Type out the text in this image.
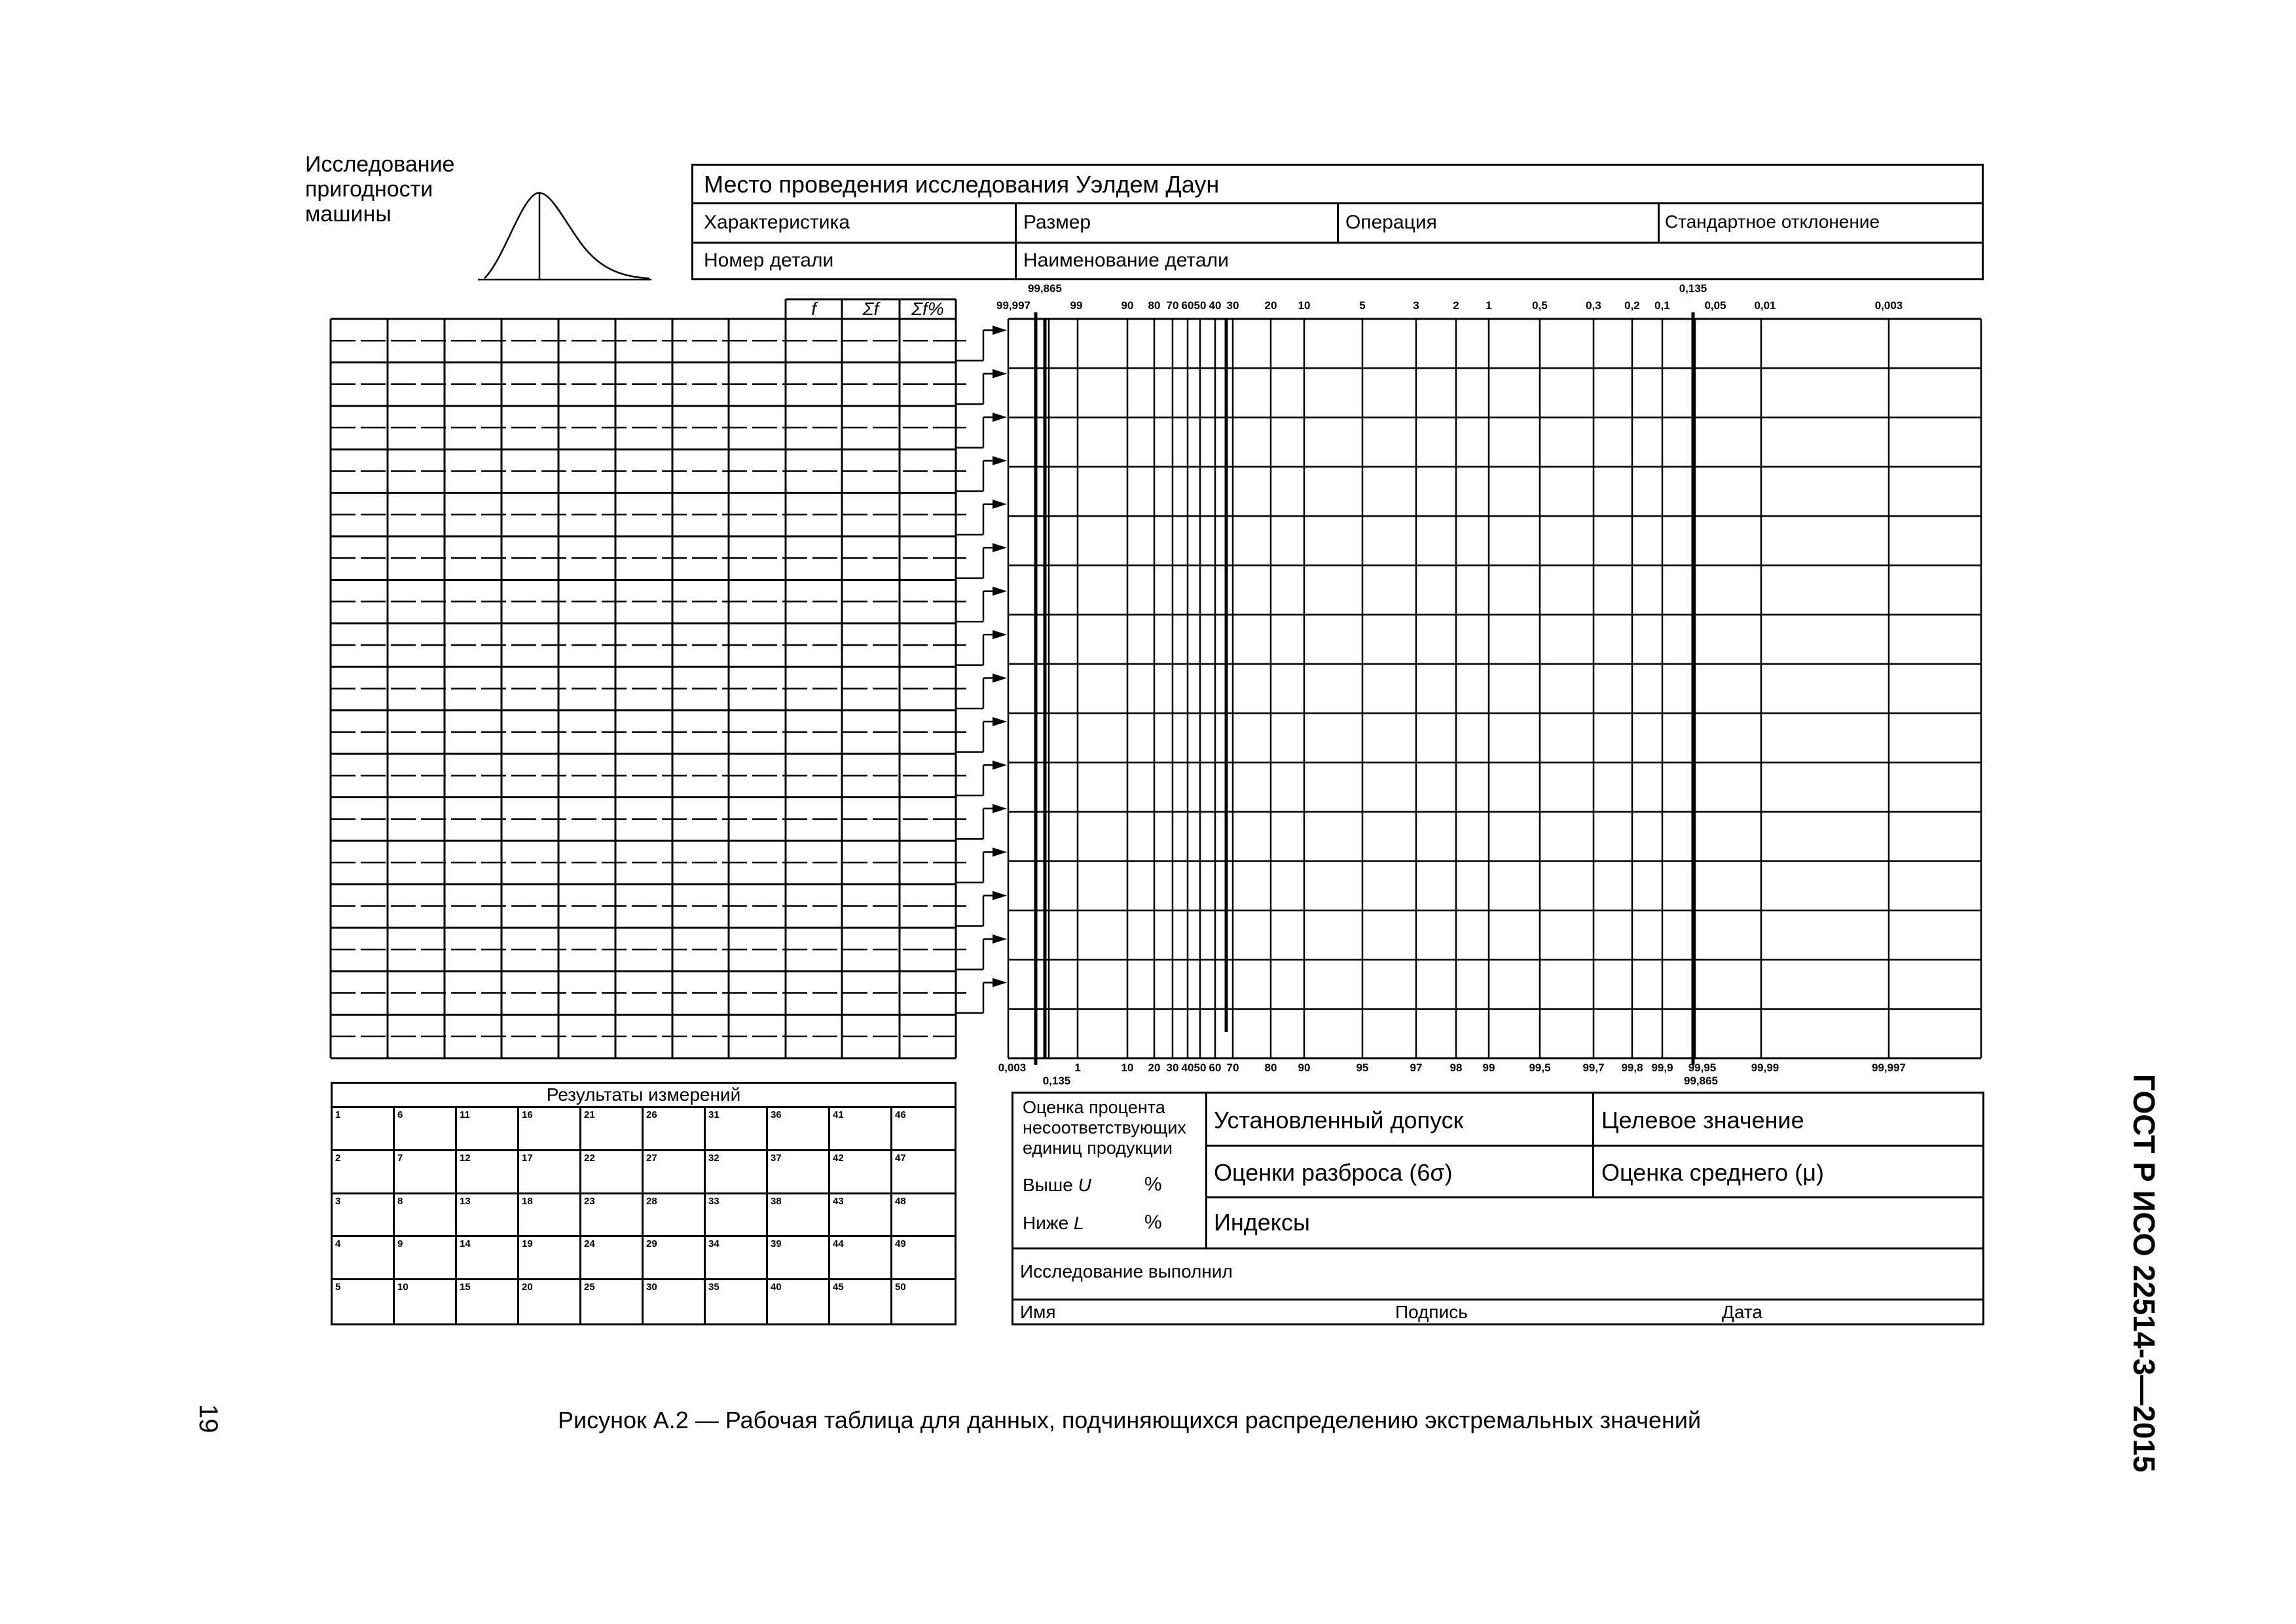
Исследование
пригодности
машины
Место проведения исследования Уэлдем Даун
Характеристика	Размер	Операция	Стандартное отклонение
Номер детали	Наименование детали
99,997	99	90 80 70 60 50 40 30 20 10	5	3	2 1	0,5	0,3 0,2 0,1	0,05	0,01	0,003
99,865	0,135
0,003	1	10 20 30 40 50 60 70 80 90	95	97 98 99	99,5	99,7 99,8 99,9 99,95	99,99	99,997
0,135	99,865
f	Σf	Σf%
Результаты измерений
1	6	11	16	21	26	31	36	41	46
2	7	12	17	22	27	32	37	42	47
3	8	13	18	23	28	33	38	43	48
4	9	14	19	24	29	34	39	44	49
5	10	15	20	25	30	35	40	45	50
Оценка процента
несоответствующих
единиц продукции
Выше U	%
Ниже L	%
Установленный допуск	Целевое значение
Оценки разброса (6σ)	Оценка среднего (μ)
Индексы
Исследование выполнил
Имя	Подпись	Дата
Рисунок А.2 — Рабочая таблица для данных, подчиняющихся распределению экстремальных значений
19	ГОСТ Р ИСО 22514-3—2015
